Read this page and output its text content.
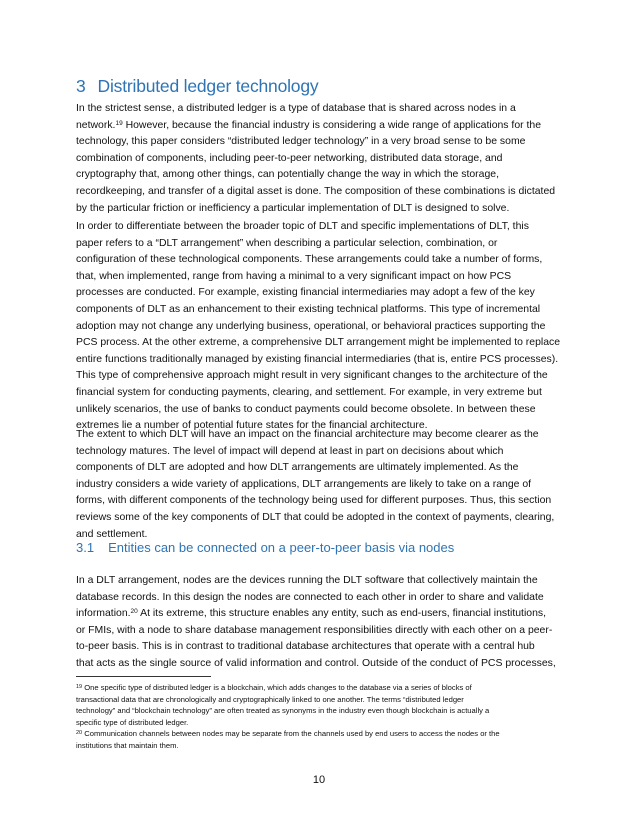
3 Distributed ledger technology

In the strictest sense, a distributed ledger is a type of database that is shared across nodes in a
network.$^{19}$ However, because the financial industry is considering a wide range of applications for the
technology, this paper considers “distributed ledger technology” in a very broad sense to be some
combination of components, including peer-to-peer networking, distributed data storage, and
cryptography that, among other things, can potentially change the way in which the storage,
recordkeeping, and transfer of a digital asset is done. The composition of these combinations is dictated
by the particular friction or inefficiency a particular implementation of DLT is designed to solve.

In order to differentiate between the broader topic of DLT and specific implementations of DLT, this
paper refers to a “DLT arrangement” when describing a particular selection, combination, or
configuration of these technological components. These arrangements could take a number of forms,
that, when implemented, range from having a minimal to a very significant impact on how PCS
processes are conducted. For example, existing financial intermediaries may adopt a few of the key
components of DLT as an enhancement to their existing technical platforms. This type of incremental
adoption may not change any underlying business, operational, or behavioral practices supporting the
PCS process. At the other extreme, a comprehensive DLT arrangement might be implemented to replace
entire functions traditionally managed by existing financial intermediaries (that is, entire PCS processes).
This type of comprehensive approach might result in very significant changes to the architecture of the
financial system for conducting payments, clearing, and settlement. For example, in very extreme but
unlikely scenarios, the use of banks to conduct payments could become obsolete. In between these
extremes lie a number of potential future states for the financial architecture.

The extent to which DLT will have an impact on the financial architecture may become clearer as the
technology matures. The level of impact will depend at least in part on decisions about which
components of DLT are adopted and how DLT arrangements are ultimately implemented. As the
industry considers a wide variety of applications, DLT arrangements are likely to take on a range of
forms, with different components of the technology being used for different purposes. Thus, this section
reviews some of the key components of DLT that could be adopted in the context of payments, clearing,
and settlement.

3.1 Entities can be connected on a peer-to-peer basis via nodes

In a DLT arrangement, nodes are the devices running the DLT software that collectively maintain the
database records. In this design the nodes are connected to each other in order to share and validate
information.$^{20}$ At its extreme, this structure enables any entity, such as end-users, financial institutions,
or FMIs, with a node to share database management responsibilities directly with each other on a peer-
to-peer basis. This is in contrast to traditional database architectures that operate with a central hub
that acts as the single source of valid information and control. Outside of the conduct of PCS processes,

$^{19}$ One specific type of distributed ledger is a blockchain, which adds changes to the database via a series of blocks of
transactional data that are chronologically and cryptographically linked to one another. The terms “distributed ledger
technology” and “blockchain technology” are often treated as synonyms in the industry even though blockchain is actually a
specific type of distributed ledger.
$^{20}$ Communication channels between nodes may be separate from the channels used by end users to access the nodes or the
institutions that maintain them.
10
